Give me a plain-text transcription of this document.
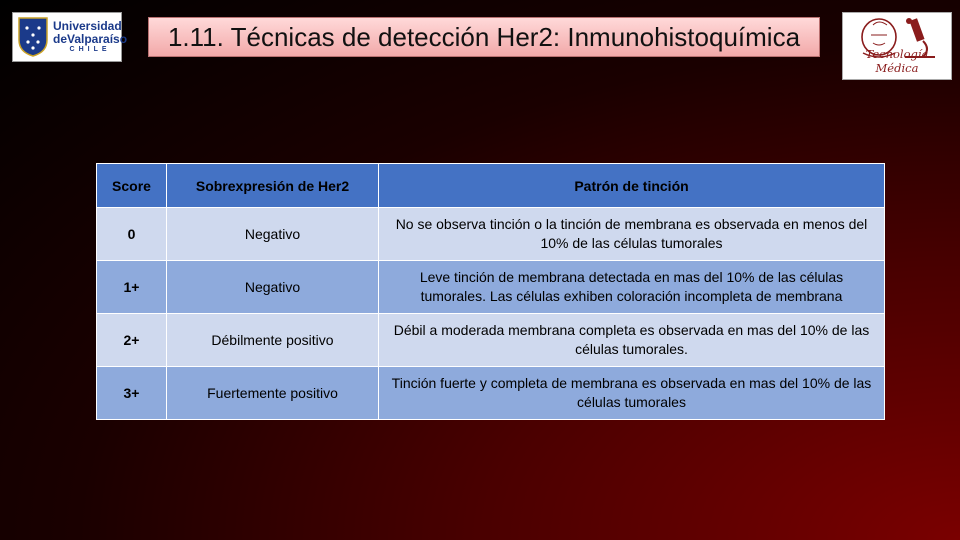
Universidad
deValparaíso
CHILE	1.11. Técnicas de detección Her2: Inmunohistoquímica
Tecnología Médica
Score	Sobrexpresión de Her2	Patrón de tinción
0	Negativo	No se observa tinción o la tinción de membrana es observada en menos del 10% de las células tumorales
1+	Negativo	Leve tinción de membrana detectada en mas del 10% de las células tumorales. Las células exhiben coloración incompleta de membrana
2+	Débilmente positivo	Débil a moderada membrana completa es observada en mas del 10% de las células tumorales.
3+	Fuertemente positivo	Tinción fuerte y completa de membrana es observada en mas del 10% de las células tumorales
